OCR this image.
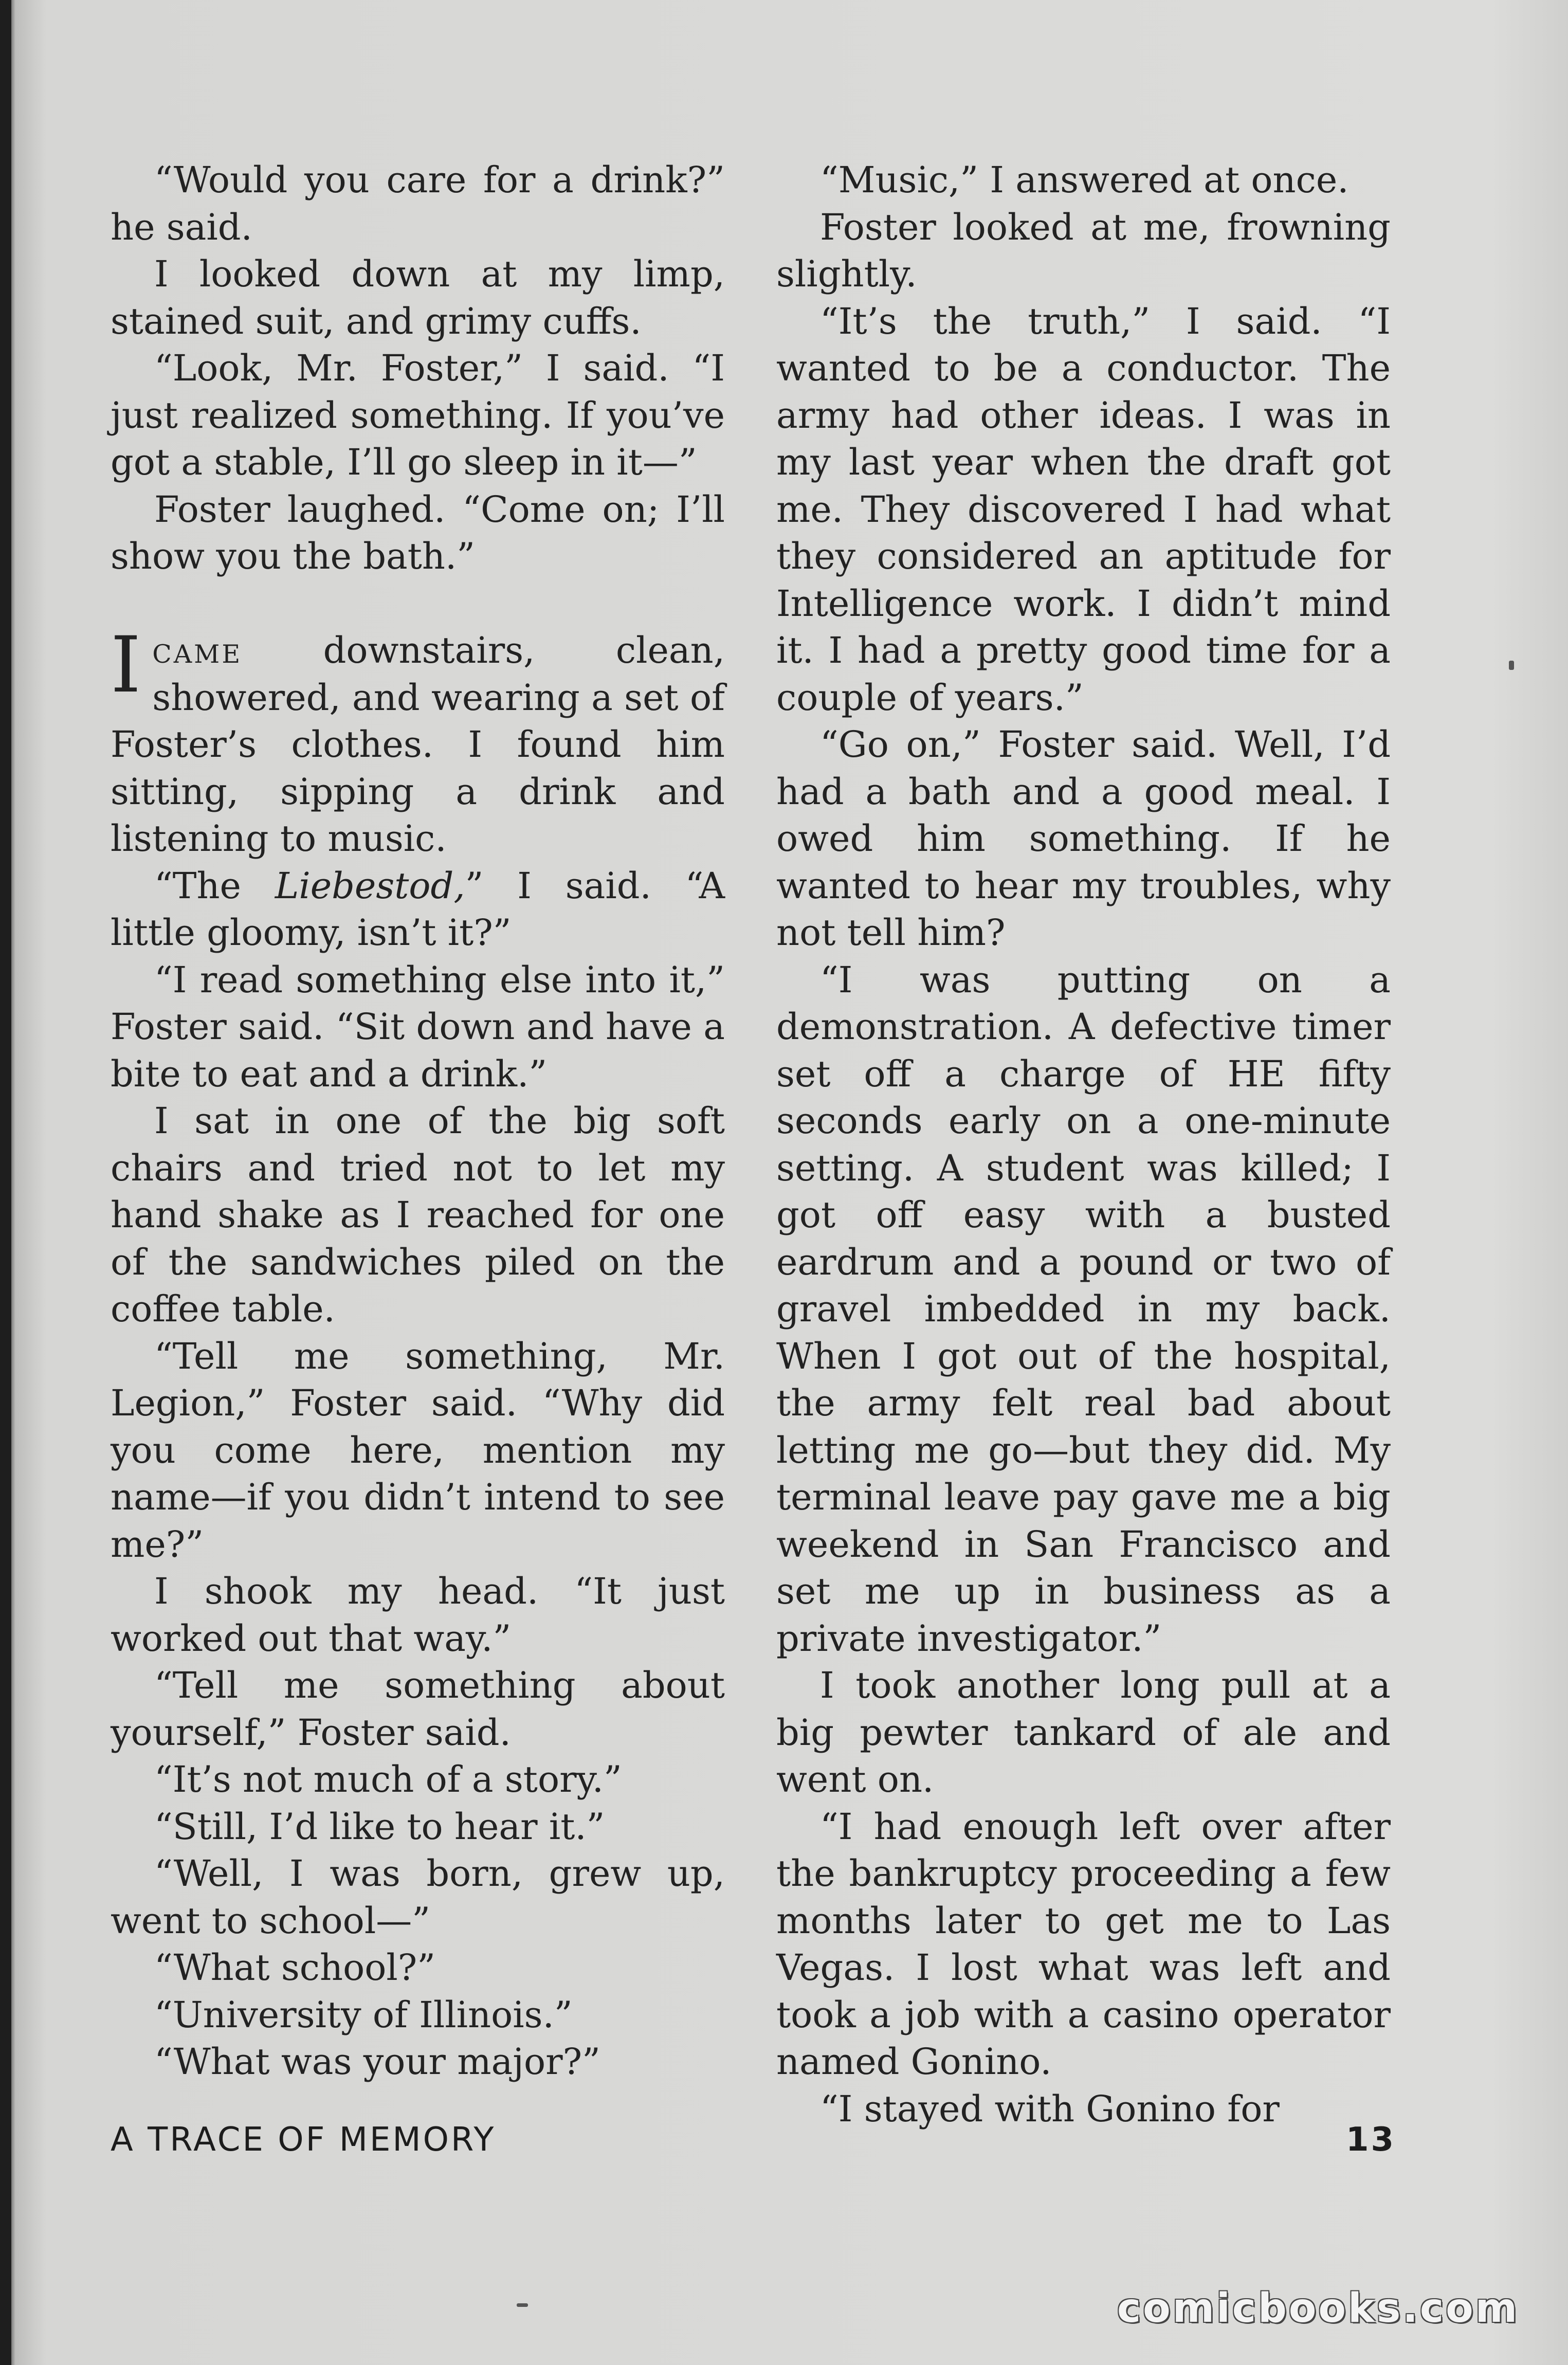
“Would you care for a drink?” he said.

I looked down at my limp, stained suit, and grimy cuffs.

“Look, Mr. Foster,” I said. “I just realized something. If you’ve got a stable, I’ll go sleep in it—”

Foster laughed. “Come on; I’ll show you the bath.”

Icame downstairs, clean, showered, and wearing a set of Foster’s clothes. I found him sitting, sipping a drink and listening to music.

“The Liebestod,” I said. “A little gloomy, isn’t it?”

“I read something else into it,” Foster said. “Sit down and have a bite to eat and a drink.”

I sat in one of the big soft chairs and tried not to let my hand shake as I reached for one of the sandwiches piled on the coffee table.

“Tell me something, Mr. Legion,” Foster said. “Why did you come here, mention my name—if you didn’t intend to see me?”

I shook my head. “It just worked out that way.”

“Tell me something about yourself,” Foster said.

“It’s not much of a story.”

“Still, I’d like to hear it.”

“Well, I was born, grew up, went to school—”

“What school?”

“University of Illinois.”

“What was your major?”

“Music,” I answered at once.

Foster looked at me, frowning slightly.

“It’s the truth,” I said. “I wanted to be a conductor. The army had other ideas. I was in my last year when the draft got me. They discovered I had what they considered an aptitude for Intelligence work. I didn’t mind it. I had a pretty good time for a couple of years.”

“Go on,” Foster said. Well, I’d had a bath and a good meal. I owed him something. If he wanted to hear my troubles, why not tell him?

“I was putting on a demonstration. A defective timer set off a charge of HE fifty seconds early on a one-minute setting. A student was killed; I got off easy with a busted eardrum and a pound or two of gravel imbedded in my back. When I got out of the hospital, the army felt real bad about letting me go—but they did. My terminal leave pay gave me a big weekend in San Francisco and set me up in business as a private investigator.”

I took another long pull at a big pewter tankard of ale and went on.

“I had enough left over after the bankruptcy proceeding a few months later to get me to Las Vegas. I lost what was left and took a job with a casino operator named Gonino.

“I stayed with Gonino for

A TRACE OF MEMORY	13
comicbooks.com
